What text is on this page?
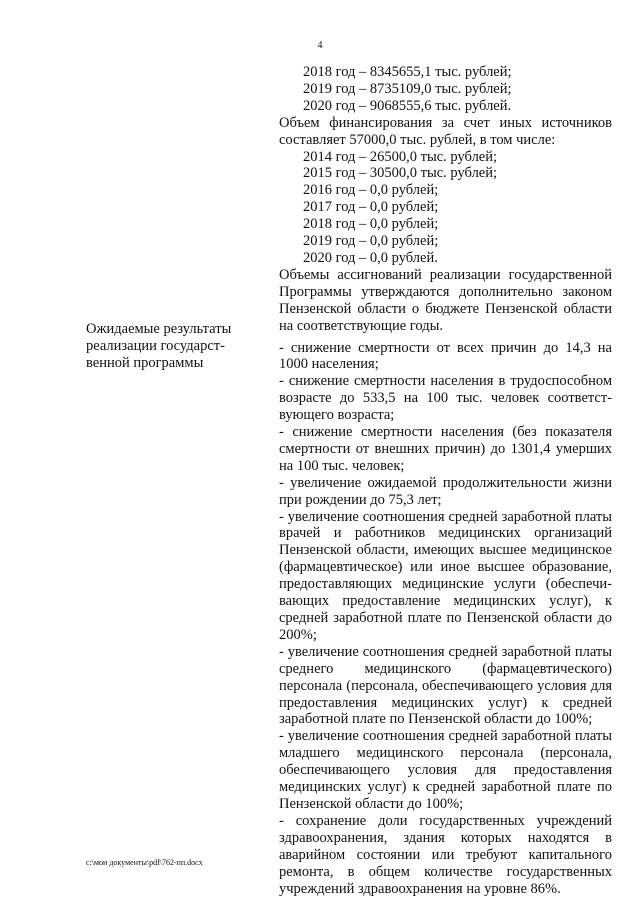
4
2018 год – 8345655,1 тыс. рублей;
2019 год – 8735109,0 тыс. рублей;
2020 год – 9068555,6 тыс. рублей.
Объем финансирования за счет иных источников составляет 57000,0 тыс. рублей, в том числе:
2014 год – 26500,0 тыс. рублей;
2015 год – 30500,0 тыс. рублей;
2016 год – 0,0 рублей;
2017 год – 0,0 рублей;
2018 год – 0,0 рублей;
2019 год – 0,0 рублей;
2020 год – 0,0 рублей.
Объемы ассигнований реализации государственной Программы утверждаются дополнительно законом Пензенской области о бюджете Пензенской области на соответствующие годы.
- снижение смертности от всех причин до 14,3 на 1000 населения;
- снижение смертности населения в трудоспособном возрасте до 533,5 на 100 тыс. человек соответст-вующего возраста;
- снижение смертности населения (без показателя смертности от внешних причин) до 1301,4 умерших на 100 тыс. человек;
- увеличение ожидаемой продолжительности жизни при рождении до 75,3 лет;
- увеличение соотношения средней заработной платы врачей и работников медицинских организаций Пензенской области, имеющих высшее медицинское (фармацевтическое) или иное высшее образование, предоставляющих медицинские услуги (обеспечи-вающих предоставление медицинских услуг), к средней заработной плате по Пензенской области до 200%;
- увеличение соотношения средней заработной платы среднего медицинского (фармацевтического) персонала (персонала, обеспечивающего условия для предоставления медицинских услуг) к средней заработной плате по Пензенской области до 100%;
- увеличение соотношения средней заработной платы младшего медицинского персонала (персонала, обеспечивающего условия для предоставления медицинских услуг) к средней заработной плате по Пензенской области до 100%;
- сохранение доли государственных учреждений здравоохранения, здания которых находятся в аварийном состоянии или требуют капитального ремонта, в общем количестве государственных учреждений здравоохранения на уровне 86%.
Ожидаемые результаты
реализации государст-
венной программы
c:\мои документы\pdf\762-пп.docx
